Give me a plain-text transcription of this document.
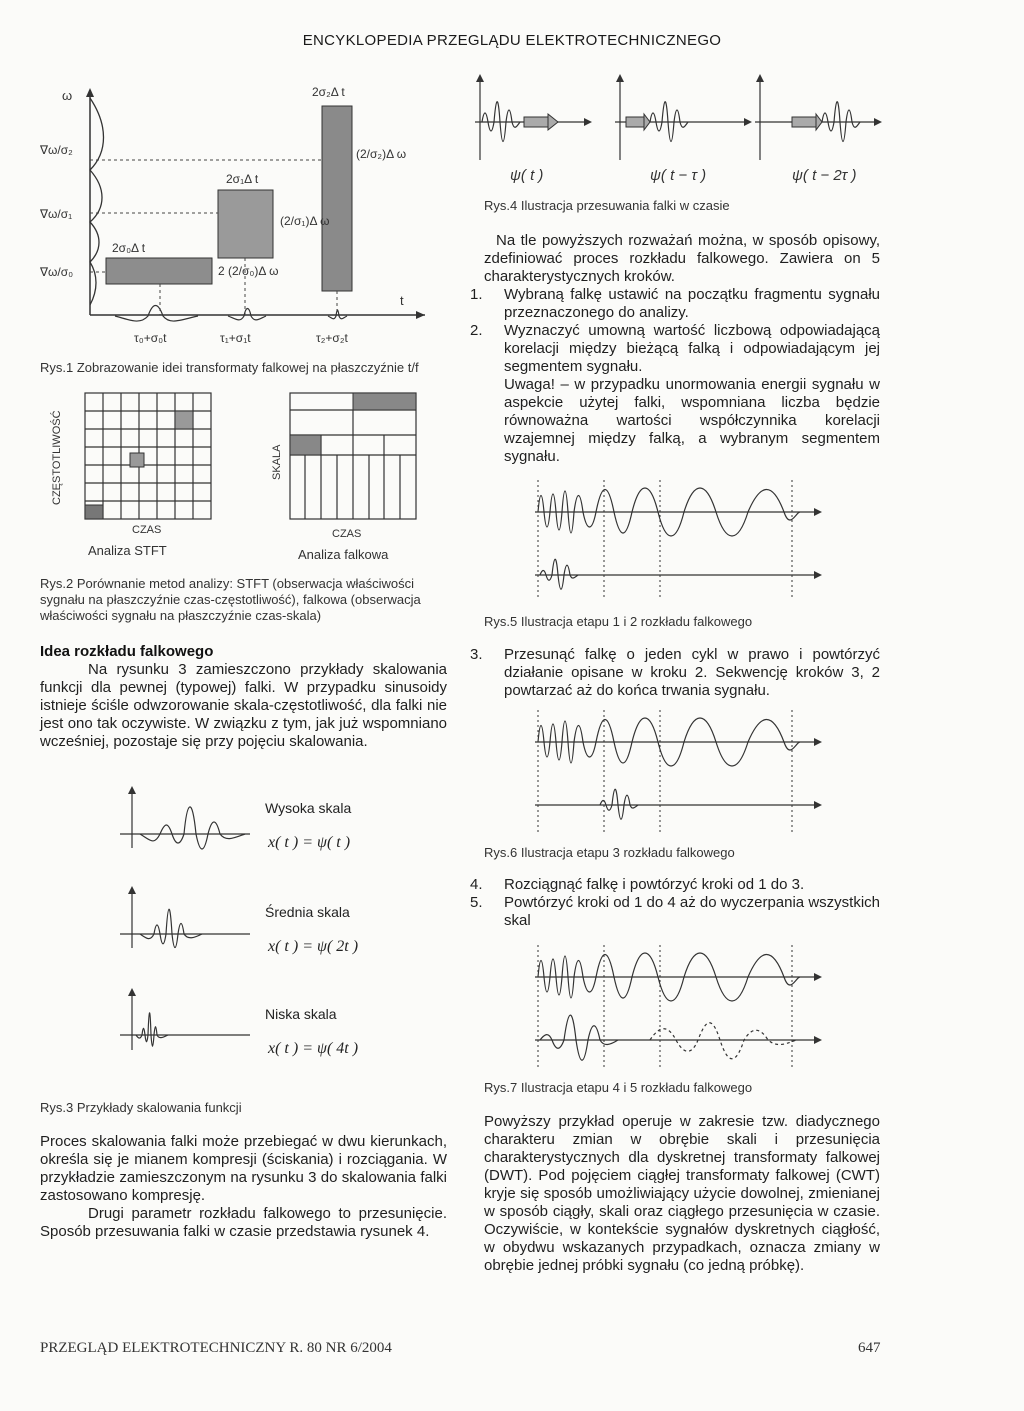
ENCYKLOPEDIA PRZEGLĄDU ELEKTROTECHNICZNEGO
ω	2σ₂Δ t
2σ₁Δ t
2σ₀Δ t
(2/σ₂)Δ ω
(2/σ₁)Δ ω
2 (2/σ₀)Δ ω
∇ω/σ₂
∇ω/σ₁
∇ω/σ₀
τ₀+σ₀t	τ₁+σ₁t	τ₂+σ₂t
t
Rys.1 Zobrazowanie idei transformaty falkowej na płaszczyźnie t/f
CZĘSTOTLIWOŚĆ	SKALA
CZAS	CZAS
Analiza STFT	Analiza falkowa
Rys.2 Porównanie metod analizy: STFT (obserwacja właściwości sygnału na płaszczyźnie czas-częstotliwość), falkowa (obserwacja właściwości sygnału na płaszczyźnie czas-skala)
Idea rozkładu falkowego
Na rysunku 3 zamieszczono przykłady skalowania funkcji dla pewnej (typowej) falki. W przypadku sinusoidy istnieje ściśle odwzorowanie skala-częstotliwość, dla falki nie jest ono tak oczywiste. W związku z tym, jak już wspomniano wcześniej, pozostaje się przy pojęciu skalowania.
Wysoka skala
x( t ) = ψ( t )
Średnia skala
x( t ) = ψ( 2t )
Niska skala
x( t ) = ψ( 4t )
Rys.3 Przykłady skalowania funkcji
Proces skalowania falki może przebiegać w dwu kierunkach, określa się je mianem kompresji (ściskania) i rozciągania. W przykładzie zamieszczonym na rysunku 3 do skalowania falki zastosowano kompresję.
Drugi parametr rozkładu falkowego to przesunięcie. Sposób przesuwania falki w czasie przedstawia rysunek 4.
ψ( t )	ψ( t − τ )	ψ( t − 2τ )
Rys.4 Ilustracja przesuwania falki w czasie
Na tle powyższych rozważań można, w sposób opisowy, zdefiniować proces rozkładu falkowego. Zawiera on 5 charakterystycznych kroków.
1. Wybraną falkę ustawić na początku fragmentu sygnału przeznaczonego do analizy.
2. Wyznaczyć umowną wartość liczbową odpowiadającą korelacji między bieżącą falką i odpowiadającym jej segmentem sygnału.
Uwaga! – w przypadku unormowania energii sygnału w aspekcie użytej falki, wspomniana liczba będzie równoważna wartości współczynnika korelacji wzajemnej między falką, a wybranym segmentem sygnału.
Rys.5 Ilustracja etapu 1 i 2 rozkładu falkowego
3. Przesunąć falkę o jeden cykl w prawo i powtórzyć działanie opisane w kroku 2. Sekwencję kroków 3, 2 powtarzać aż do końca trwania sygnału.
Rys.6 Ilustracja etapu 3 rozkładu falkowego
4. Rozciągnąć falkę i powtórzyć kroki od 1 do 3.
5. Powtórzyć kroki od 1 do 4 aż do wyczerpania wszystkich skal
Rys.7 Ilustracja etapu 4 i 5 rozkładu falkowego
Powyższy przykład operuje w zakresie tzw. diadycznego charakteru zmian w obrębie skali i przesunięcia charakterystycznych dla dyskretnej transformaty falkowej (DWT). Pod pojęciem ciągłej transformaty falkowej (CWT) kryje się sposób umożliwiający użycie dowolnej, zmienianej w sposób ciągły, skali oraz ciągłego przesunięcia w czasie. Oczywiście, w kontekście sygnałów dyskretnych ciągłość, w obydwu wskazanych przypadkach, oznacza zmiany w obrębie jednej próbki sygnału (co jedną próbkę).
PRZEGLĄD ELEKTROTECHNICZNY R. 80 NR 6/2004	647
